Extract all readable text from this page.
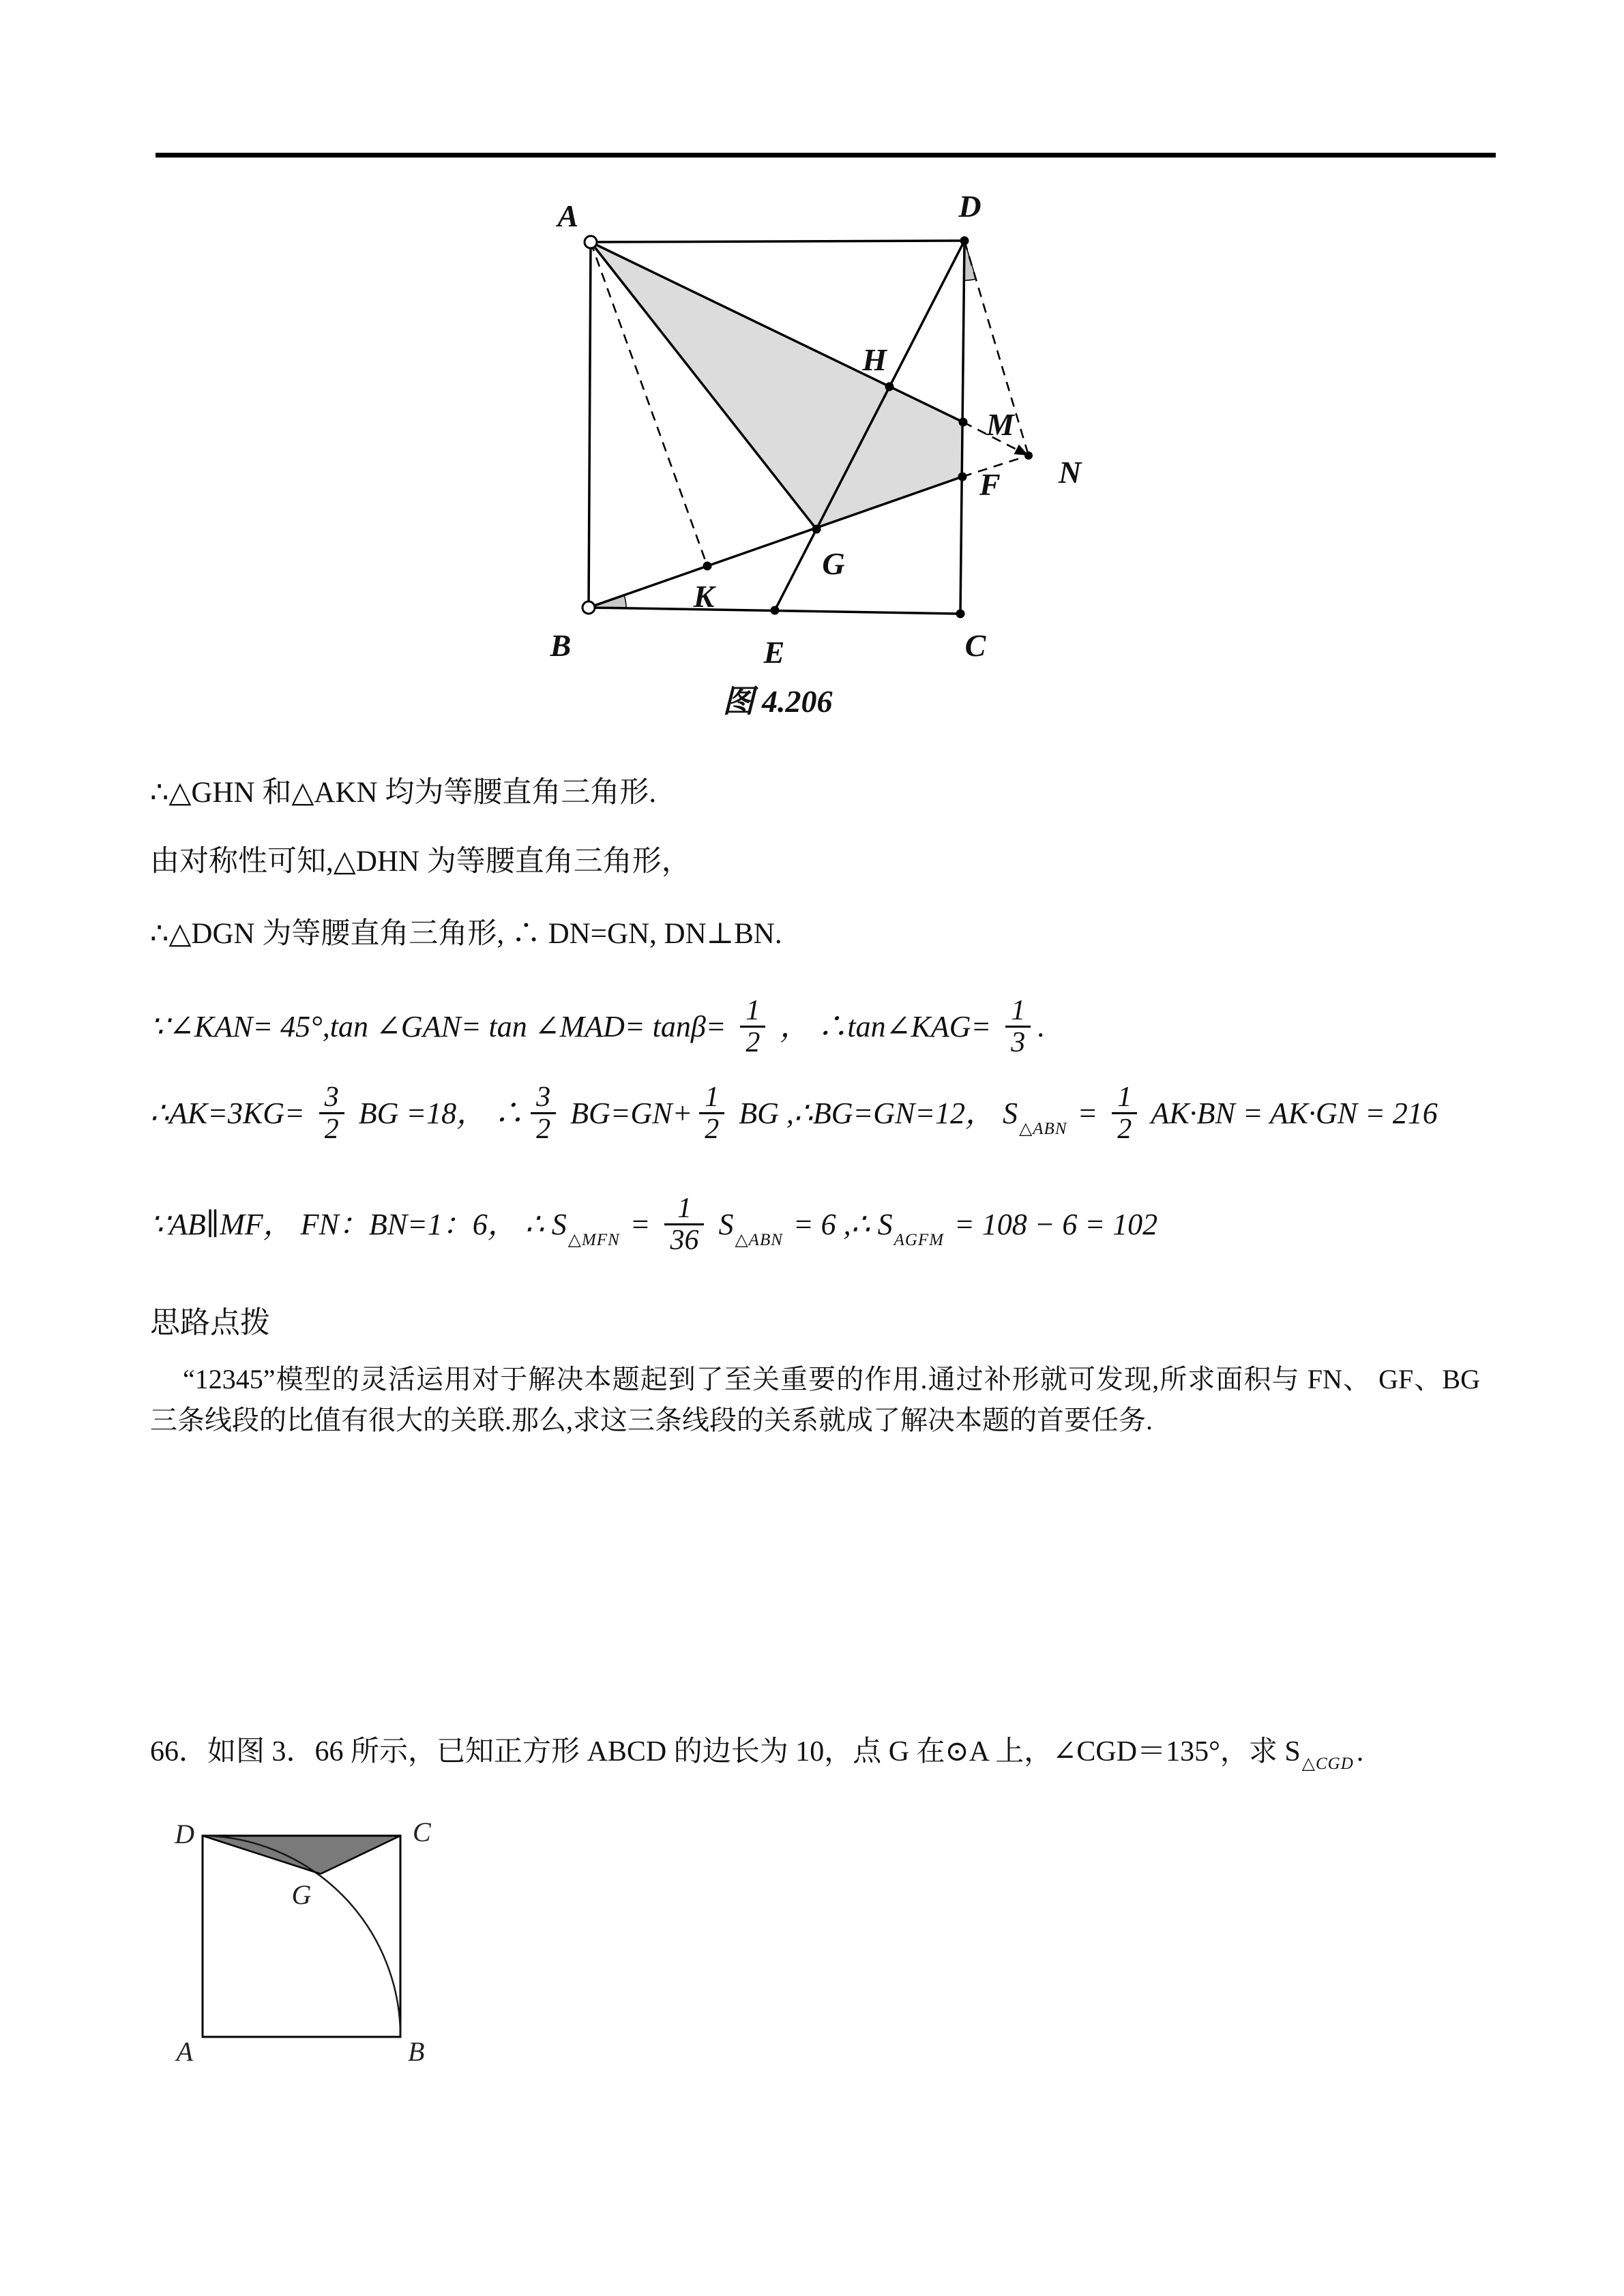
A	D
H
M
N
F
G
K
B	E	C
图 4.206
∴△GHN 和△AKN 均为等腰直角三角形.
由对称性可知,△DHN 为等腰直角三角形，
∴△DGN 为等腰直角三角形, ∴ DN=GN, DN⊥BN.
∵∠KAN= 45°,tan ∠GAN= tan ∠MAD= $\tan\beta= \frac{1}{2}$ ， ∴tan∠KAG= $\frac{1}{3}$ .
∴AK=3KG= $\frac{3}{2}$ BG =18， ∴ $\frac{3}{2} BG=GN+ \frac{1}{2}$ BG ,∴BG=GN=12， $S_{\triangle ABN} = \frac{1}{2} AK\cdot BN = AK\cdot GN = 216$
∵AB∥MF， FN：BN=1：6， ∴ $S_{\triangle MFN} = \frac{1}{36} S_{\triangle ABN} = 6$ ,∴ $S_{AGFM} = 108 - 6 = 102$
思路点拨
“12345”模型的灵活运用对于解决本题起到了至关重要的作用.通过补形就可发现,所求面积与 FN、 GF、BG 三条线段的比值有很大的关联.那么,求这三条线段的关系就成了解决本题的首要任务.
66．如图 3．66 所示，已知正方形 ABCD 的边长为 10，点 G 在⊙A 上，∠CGD＝135°，求 $S_{\triangle CGD}$.
D	C
G
A	B
